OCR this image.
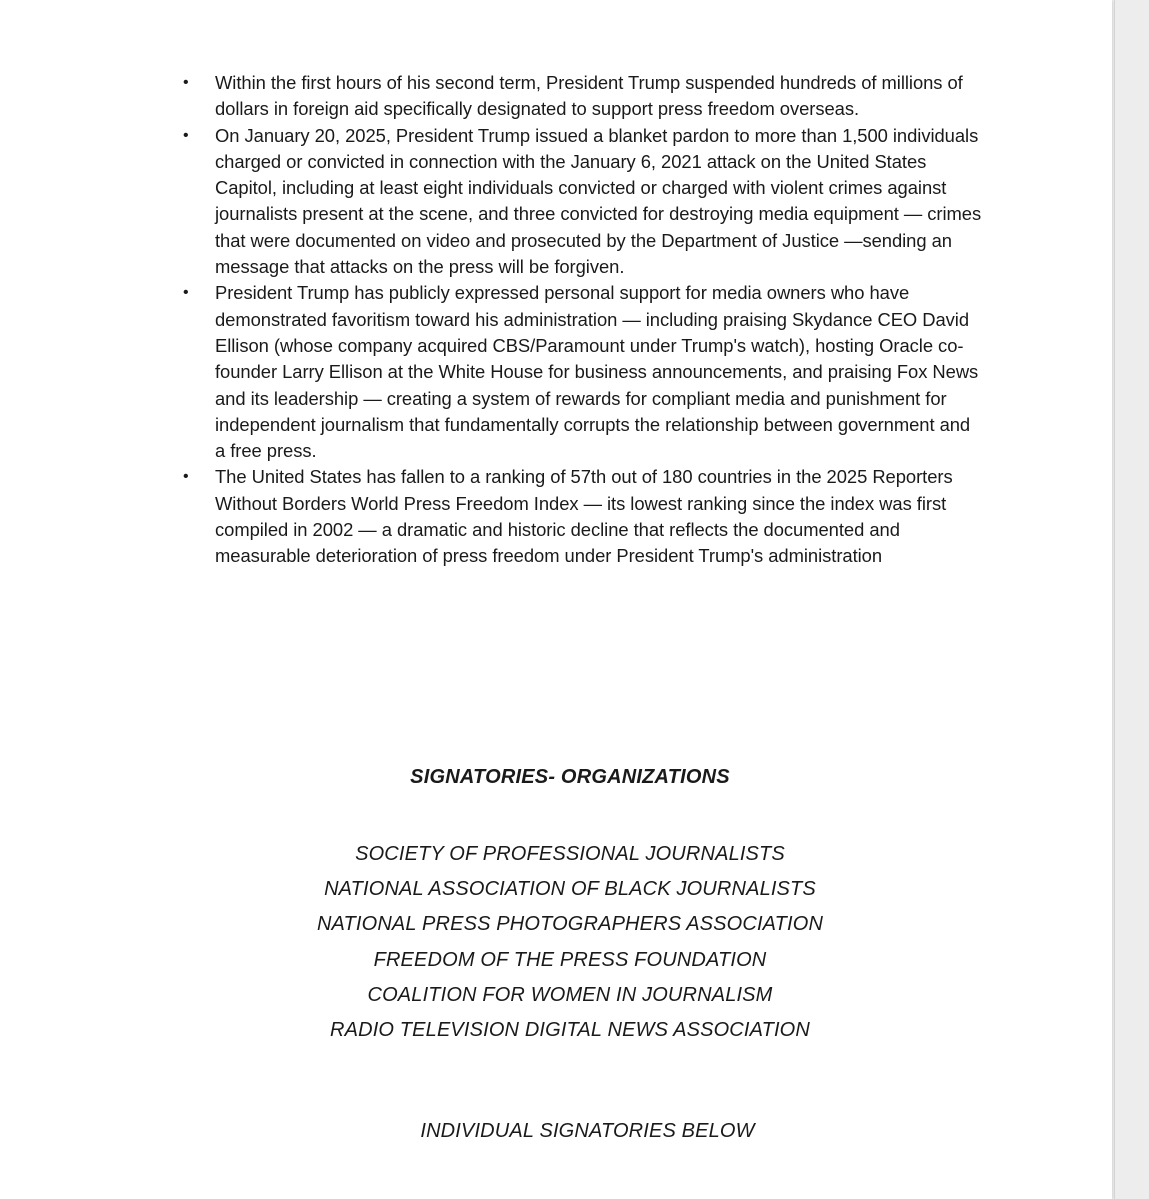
• Within the first hours of his second term, President Trump suspended hundreds of millions of dollars in foreign aid specifically designated to support press freedom overseas.
• On January 20, 2025, President Trump issued a blanket pardon to more than 1,500 individuals charged or convicted in connection with the January 6, 2021 attack on the United States Capitol, including at least eight individuals convicted or charged with violent crimes against journalists present at the scene, and three convicted for destroying media equipment — crimes that were documented on video and prosecuted by the Department of Justice —sending an message that attacks on the press will be forgiven.
• President Trump has publicly expressed personal support for media owners who have demonstrated favoritism toward his administration — including praising Skydance CEO David Ellison (whose company acquired CBS/Paramount under Trump's watch), hosting Oracle co-founder Larry Ellison at the White House for business announcements, and praising Fox News and its leadership — creating a system of rewards for compliant media and punishment for independent journalism that fundamentally corrupts the relationship between government and a free press.
• The United States has fallen to a ranking of 57th out of 180 countries in the 2025 Reporters Without Borders World Press Freedom Index — its lowest ranking since the index was first compiled in 2002 — a dramatic and historic decline that reflects the documented and measurable deterioration of press freedom under President Trump's administration
SIGNATORIES- ORGANIZATIONS
SOCIETY OF PROFESSIONAL JOURNALISTS
NATIONAL ASSOCIATION OF BLACK JOURNALISTS
NATIONAL PRESS PHOTOGRAPHERS ASSOCIATION
FREEDOM OF THE PRESS FOUNDATION
COALITION FOR WOMEN IN JOURNALISM
RADIO TELEVISION DIGITAL NEWS ASSOCIATION
INDIVIDUAL SIGNATORIES BELOW
